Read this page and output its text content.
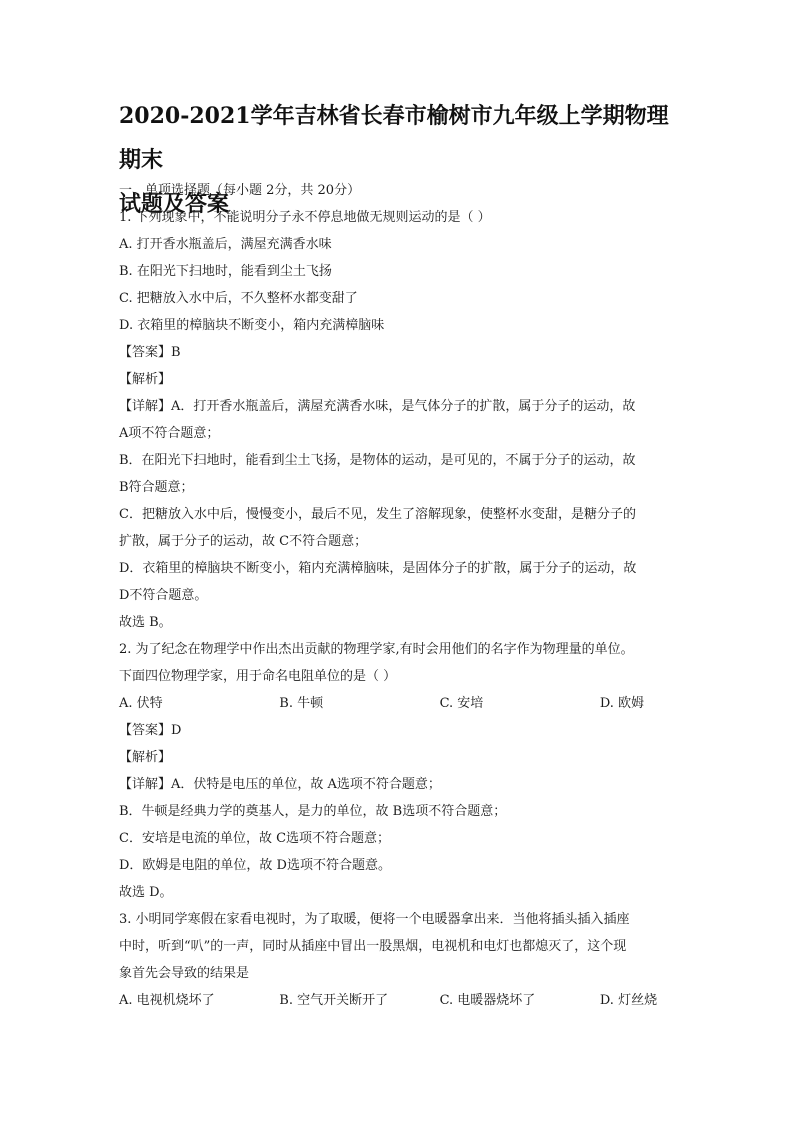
2020-2021学年吉林省长春市榆树市九年级上学期物理期末
试题及答案
一、单项选择题（每小题 2分，共 20分）
1. 下列现象中，不能说明分子永不停息地做无规则运动的是（ ）
A. 打开香水瓶盖后，满屋充满香水味
B. 在阳光下扫地时，能看到尘土飞扬
C. 把糖放入水中后，不久整杯水都变甜了
D. 衣箱里的樟脑块不断变小，箱内充满樟脑味
【答案】B
【解析】
【详解】A．打开香水瓶盖后，满屋充满香水味，是气体分子的扩散，属于分子的运动，故
A项不符合题意；
B．在阳光下扫地时，能看到尘土飞扬，是物体的运动，是可见的，不属于分子的运动，故
B符合题意；
C．把糖放入水中后，慢慢变小，最后不见，发生了溶解现象，使整杯水变甜，是糖分子的
扩散，属于分子的运动，故 C不符合题意；
D．衣箱里的樟脑块不断变小，箱内充满樟脑味，是固体分子的扩散，属于分子的运动，故
D不符合题意。
故选 B。
2. 为了纪念在物理学中作出杰出贡献的物理学家,有时会用他们的名字作为物理量的单位。
下面四位物理学家，用于命名电阻单位的是（ ）
A. 伏特	B. 牛顿	C. 安培	D. 欧姆
【答案】D
【解析】
【详解】A．伏特是电压的单位，故 A选项不符合题意；
B．牛顿是经典力学的奠基人，是力的单位，故 B选项不符合题意；
C．安培是电流的单位，故 C选项不符合题意；
D．欧姆是电阻的单位，故 D选项不符合题意。
故选 D。
3. 小明同学寒假在家看电视时，为了取暖，便将一个电暖器拿出来．当他将插头插入插座
中时，听到“叭”的一声，同时从插座中冒出一股黑烟，电视机和电灯也都熄灭了，这个现
象首先会导致的结果是
A. 电视机烧坏了	B. 空气开关断开了	C. 电暖器烧坏了	D. 灯丝烧
